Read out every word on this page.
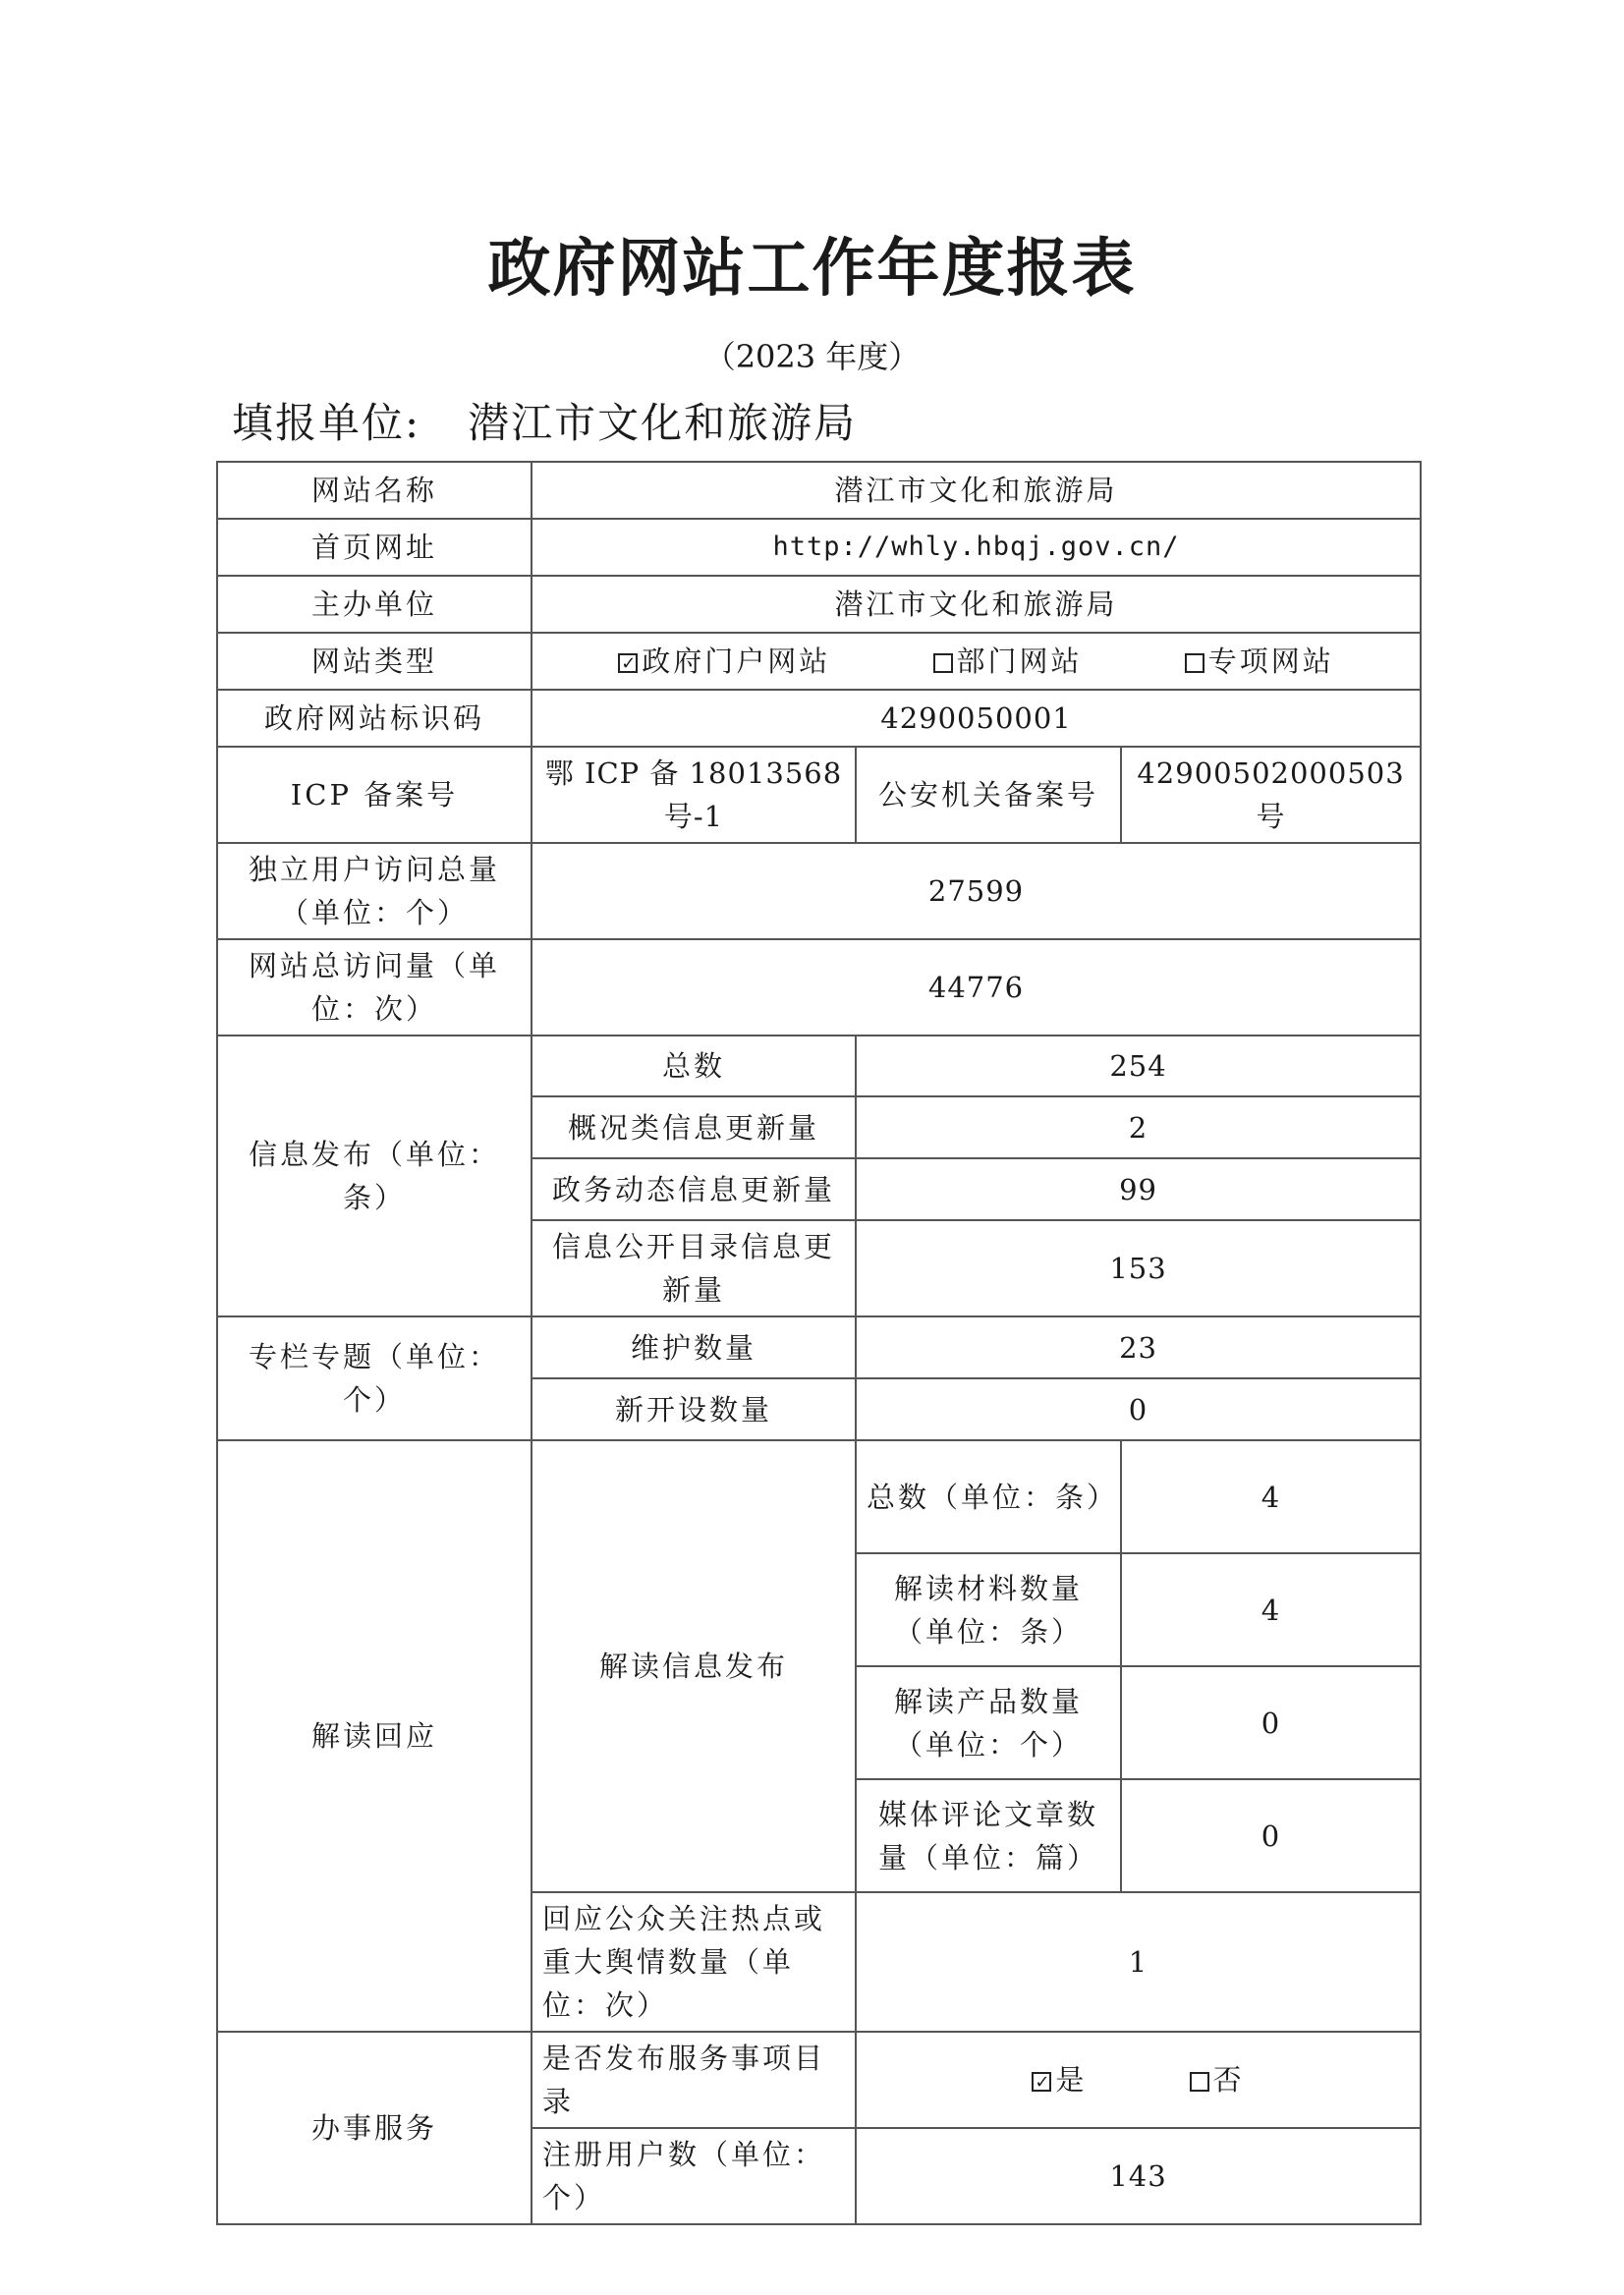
政府网站工作年度报表
（2023 年度）
填报单位: 潜江市文化和旅游局
网站名称	潜江市文化和旅游局		
首页网址	http://whly.hbqj.gov.cn/		
主办单位	潜江市文化和旅游局		
网站类型	✓政府门户网站 部门网站 专项网站
政府网站标识码	4290050001		
ICP 备案号	鄂 ICP 备 18013568 号-1	公安机关备案号	42900502000503 号
独立用户访问总量（单位：个）	27599		
网站总访问量（单位：次）	44776		
信息发布（单位：条）	总数	254	
	概况类信息更新量	2	
	政务动态信息更新量	99	
	信息公开目录信息更新量	153	
专栏专题（单位：个）	维护数量	23	
	新开设数量	0	
解读回应	解读信息发布	总数（单位：条）	4
		解读材料数量（单位：条）	4
		解读产品数量（单位：个）	0
		媒体评论文章数量（单位：篇）	0
	回应公众关注热点或重大舆情数量（单位：次）	1	
办事服务	是否发布服务事项目录	✓是 否
	注册用户数（单位：个）	143	
